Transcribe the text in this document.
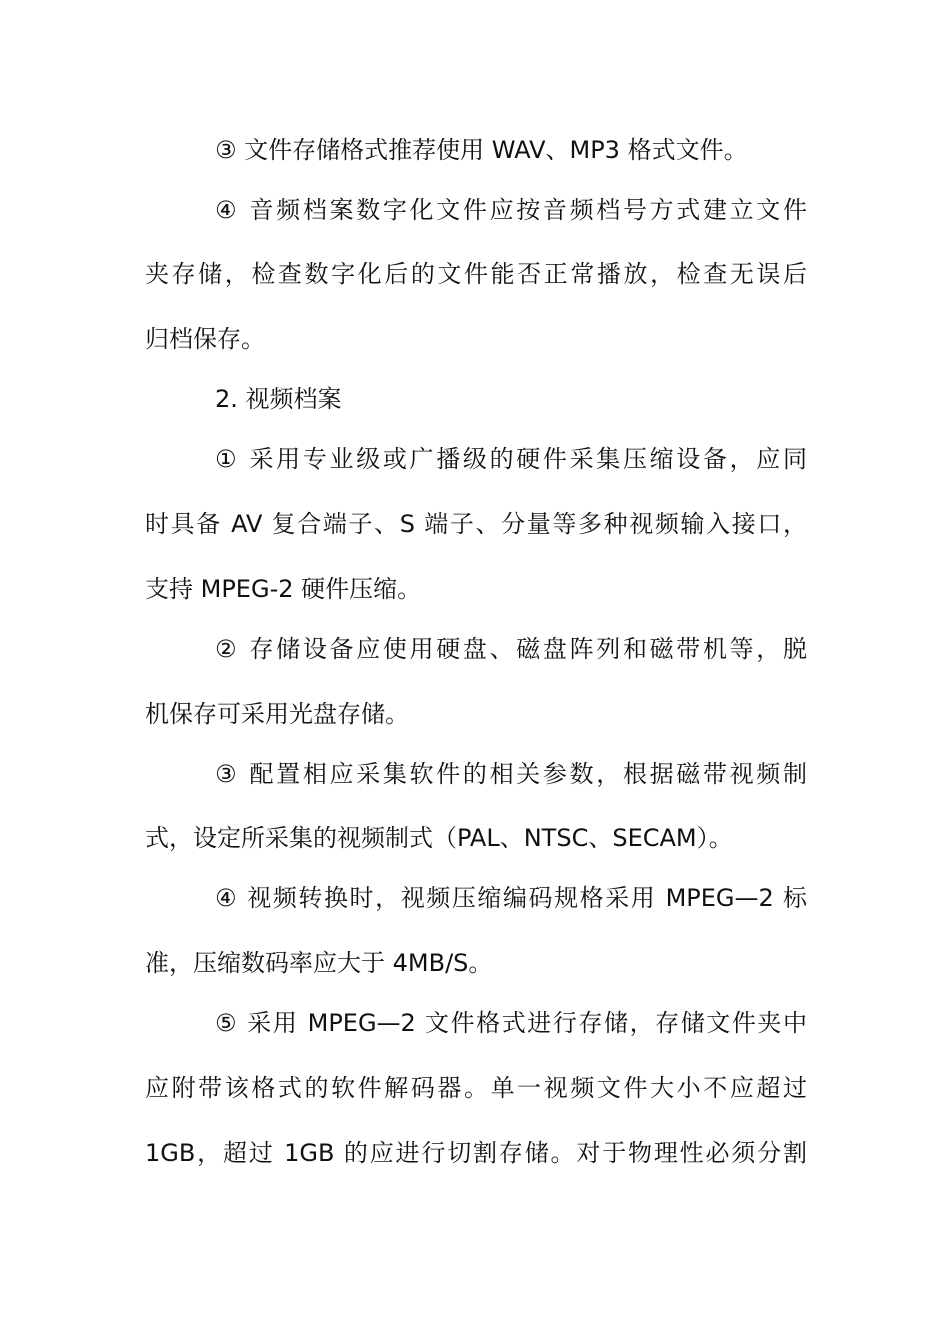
③ 文件存储格式推荐使用 WAV、MP3 格式文件。
④ 音频档案数字化文件应按音频档号方式建立文件
夹存储，检查数字化后的文件能否正常播放，检查无误后
归档保存。
2. 视频档案
① 采用专业级或广播级的硬件采集压缩设备，应同
时具备 AV 复合端子、S 端子、分量等多种视频输入接口，
支持 MPEG-2 硬件压缩。
② 存储设备应使用硬盘、磁盘阵列和磁带机等，脱
机保存可采用光盘存储。
③ 配置相应采集软件的相关参数，根据磁带视频制
式，设定所采集的视频制式（PAL、NTSC、SECAM）。
④ 视频转换时，视频压缩编码规格采用 MPEG—2 标
准，压缩数码率应大于 4MB/S。
⑤ 采用 MPEG—2 文件格式进行存储，存储文件夹中
应附带该格式的软件解码器。单一视频文件大小不应超过
1GB，超过 1GB 的应进行切割存储。对于物理性必须分割
